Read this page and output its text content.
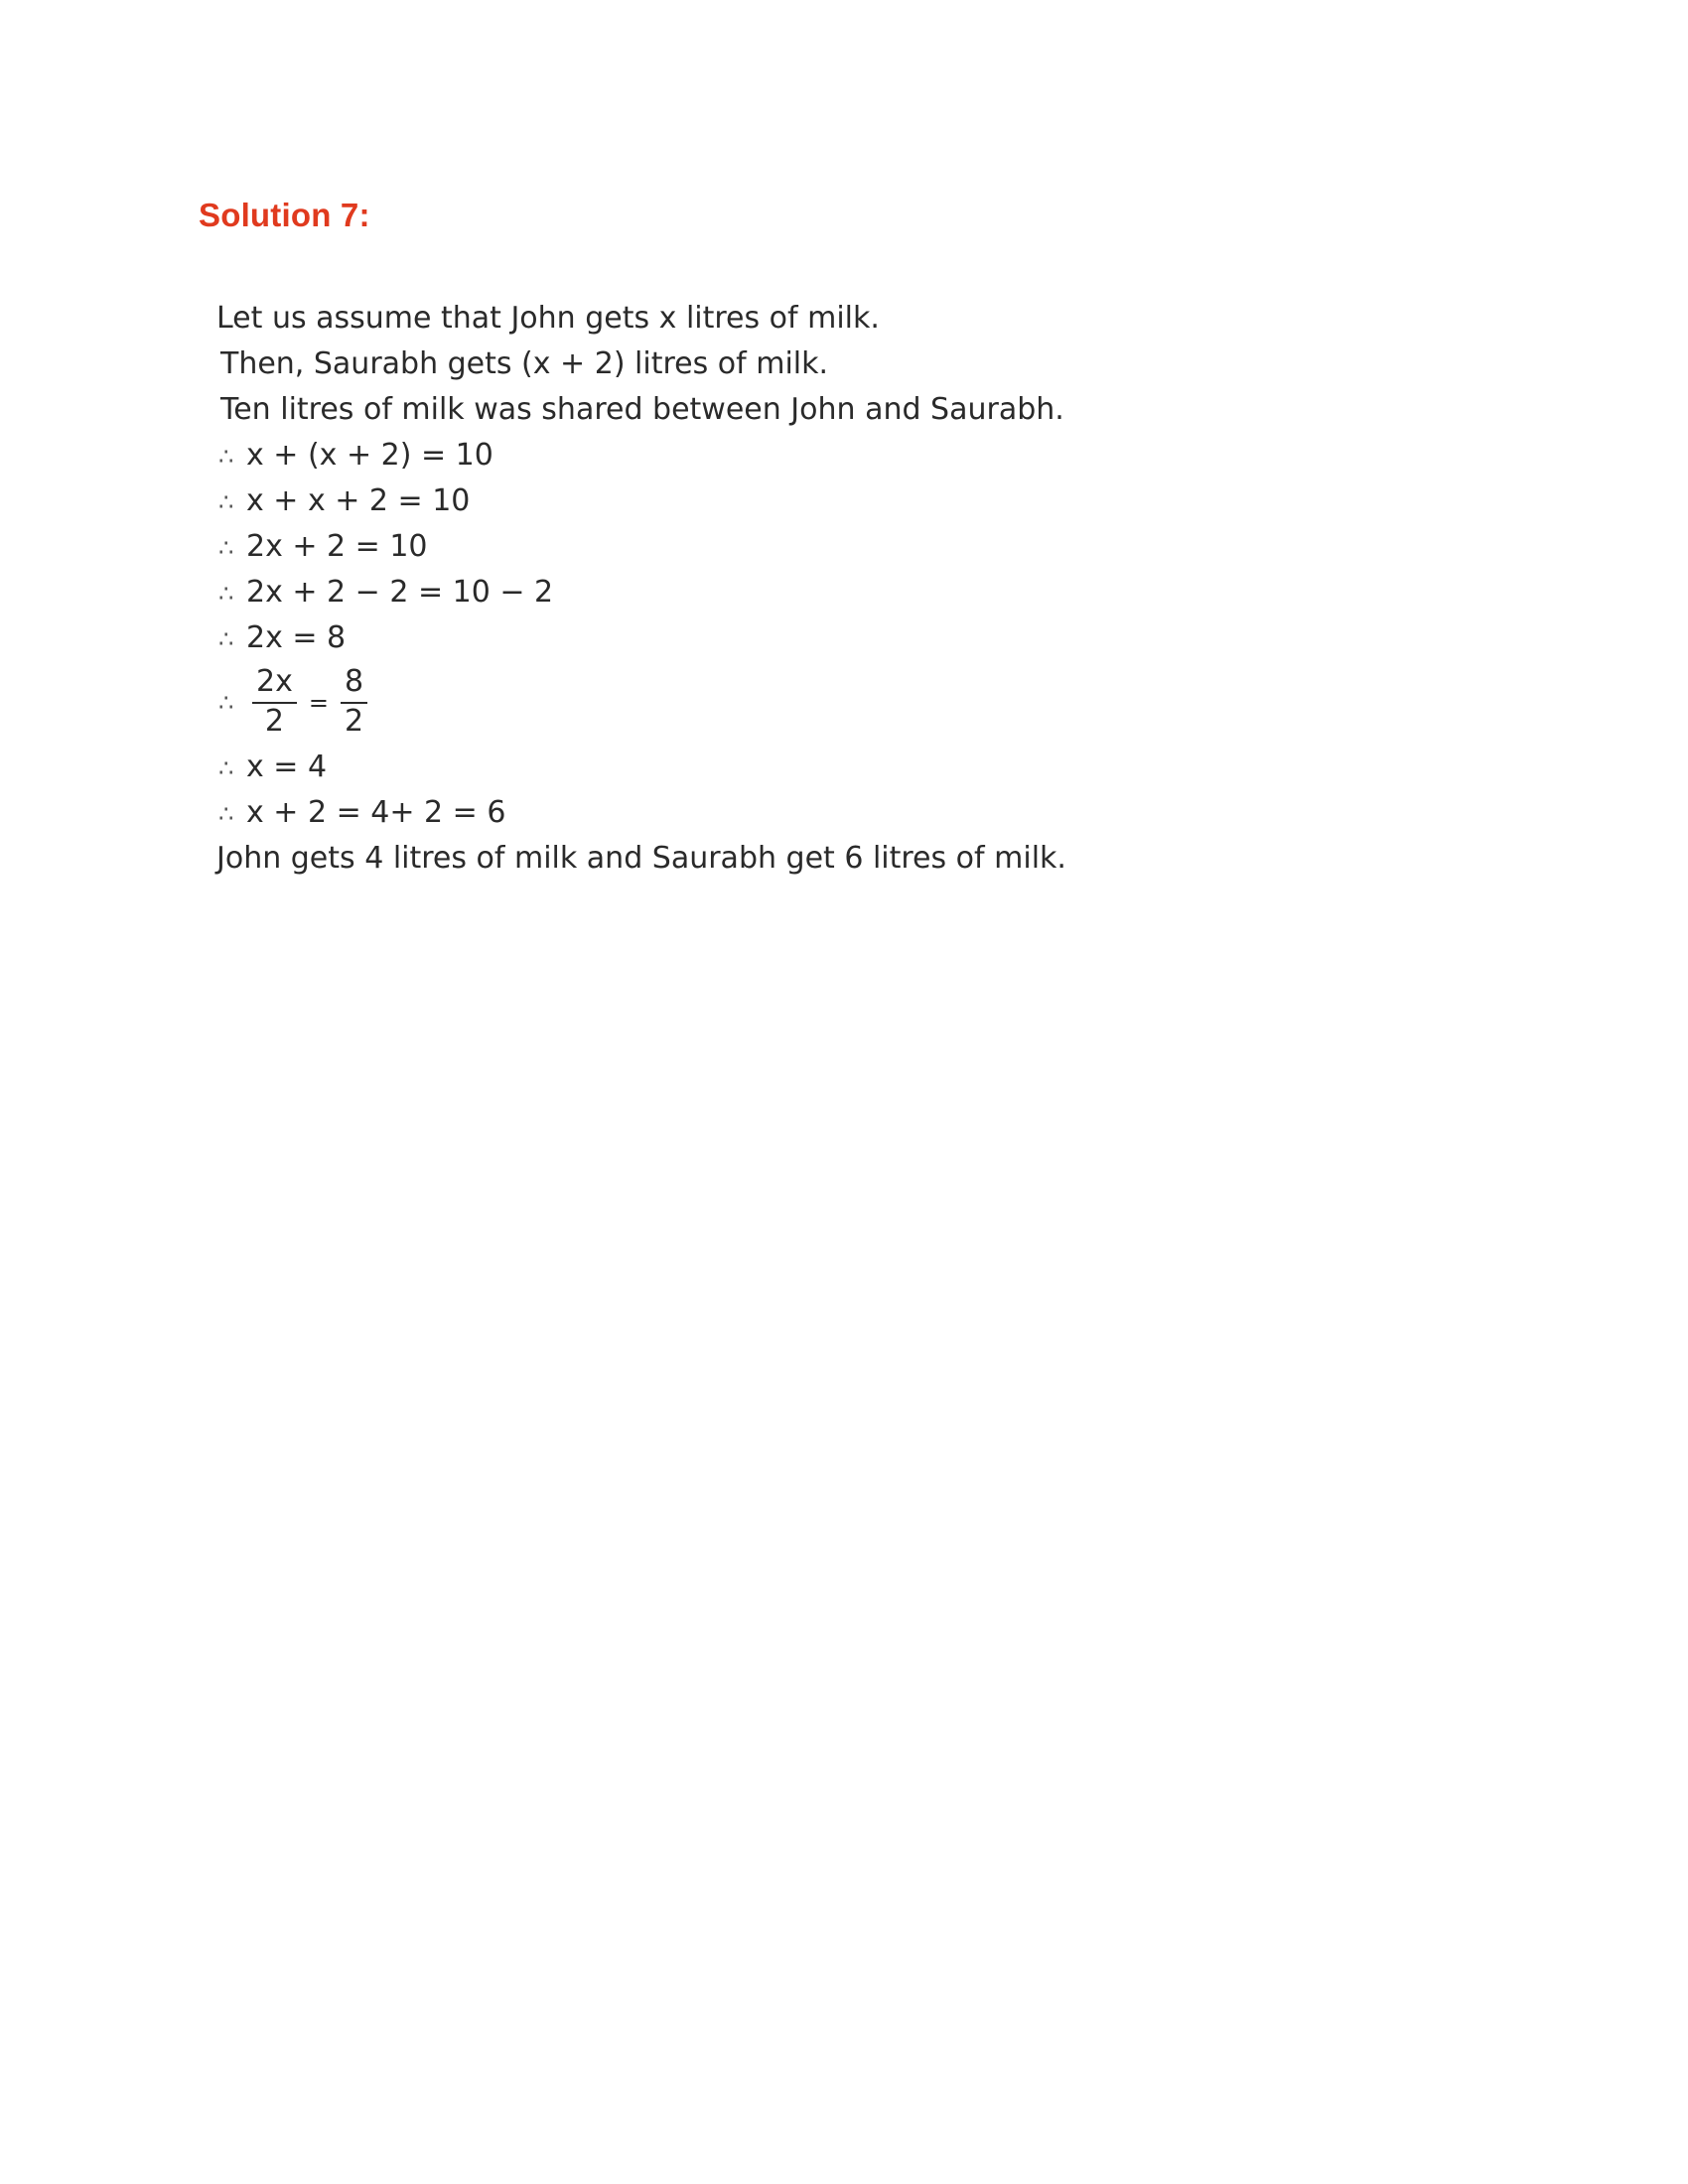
Solution 7:
Let us assume that John gets x litres of milk.
Then, Saurabh gets (x + 2) litres of milk.
Ten litres of milk was shared between John and Saurabh.
∴ x + (x + 2) = 10
∴ x + x + 2 = 10
∴ 2x + 2 = 10
∴ 2x + 2 − 2 = 10 − 2
∴ 2x = 8
∴ $\frac{2x}{2} = \frac{8}{2}$
∴ x = 4
∴ x + 2 = 4+ 2 = 6
John gets 4 litres of milk and Saurabh get 6 litres of milk.
